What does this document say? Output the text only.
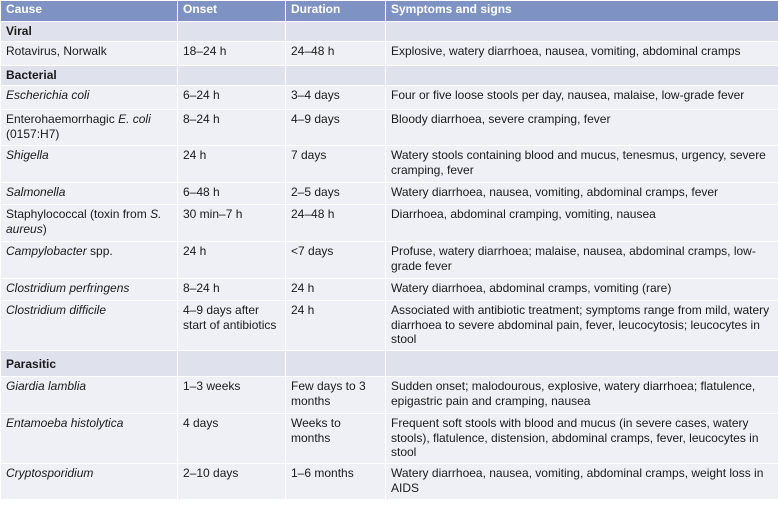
Cause	Onset	Duration	Symptoms and signs
Viral			
Rotavirus, Norwalk	18–24 h	24–48 h	Explosive, watery diarrhoea, nausea, vomiting, abdominal cramps
Bacterial			
Escherichia coli	6–24 h	3–4 days	Four or five loose stools per day, nausea, malaise, low-grade fever
Enterohaemorrhagic E. coli (0157:H7)	8–24 h	4–9 days	Bloody diarrhoea, severe cramping, fever
Shigella	24 h	7 days	Watery stools containing blood and mucus, tenesmus, urgency, severe cramping, fever
Salmonella	6–48 h	2–5 days	Watery diarrhoea, nausea, vomiting, abdominal cramps, fever
Staphylococcal (toxin from S. aureus)	30 min–7 h	24–48 h	Diarrhoea, abdominal cramping, vomiting, nausea
Campylobacter spp.	24 h	<7 days	Profuse, watery diarrhoea; malaise, nausea, abdominal cramps, low-grade fever
Clostridium perfringens	8–24 h	24 h	Watery diarrhoea, abdominal cramps, vomiting (rare)
Clostridium difficile	4–9 days after start of antibiotics	24 h	Associated with antibiotic treatment; symptoms range from mild, watery diarrhoea to severe abdominal pain, fever, leucocytosis; leucocytes in stool
Parasitic			
Giardia lamblia	1–3 weeks	Few days to 3 months	Sudden onset; malodourous, explosive, watery diarrhoea; flatulence, epigastric pain and cramping, nausea
Entamoeba histolytica	4 days	Weeks to months	Frequent soft stools with blood and mucus (in severe cases, watery stools), flatulence, distension, abdominal cramps, fever, leucocytes in stool
Cryptosporidium	2–10 days	1–6 months	Watery diarrhoea, nausea, vomiting, abdominal cramps, weight loss in AIDS
